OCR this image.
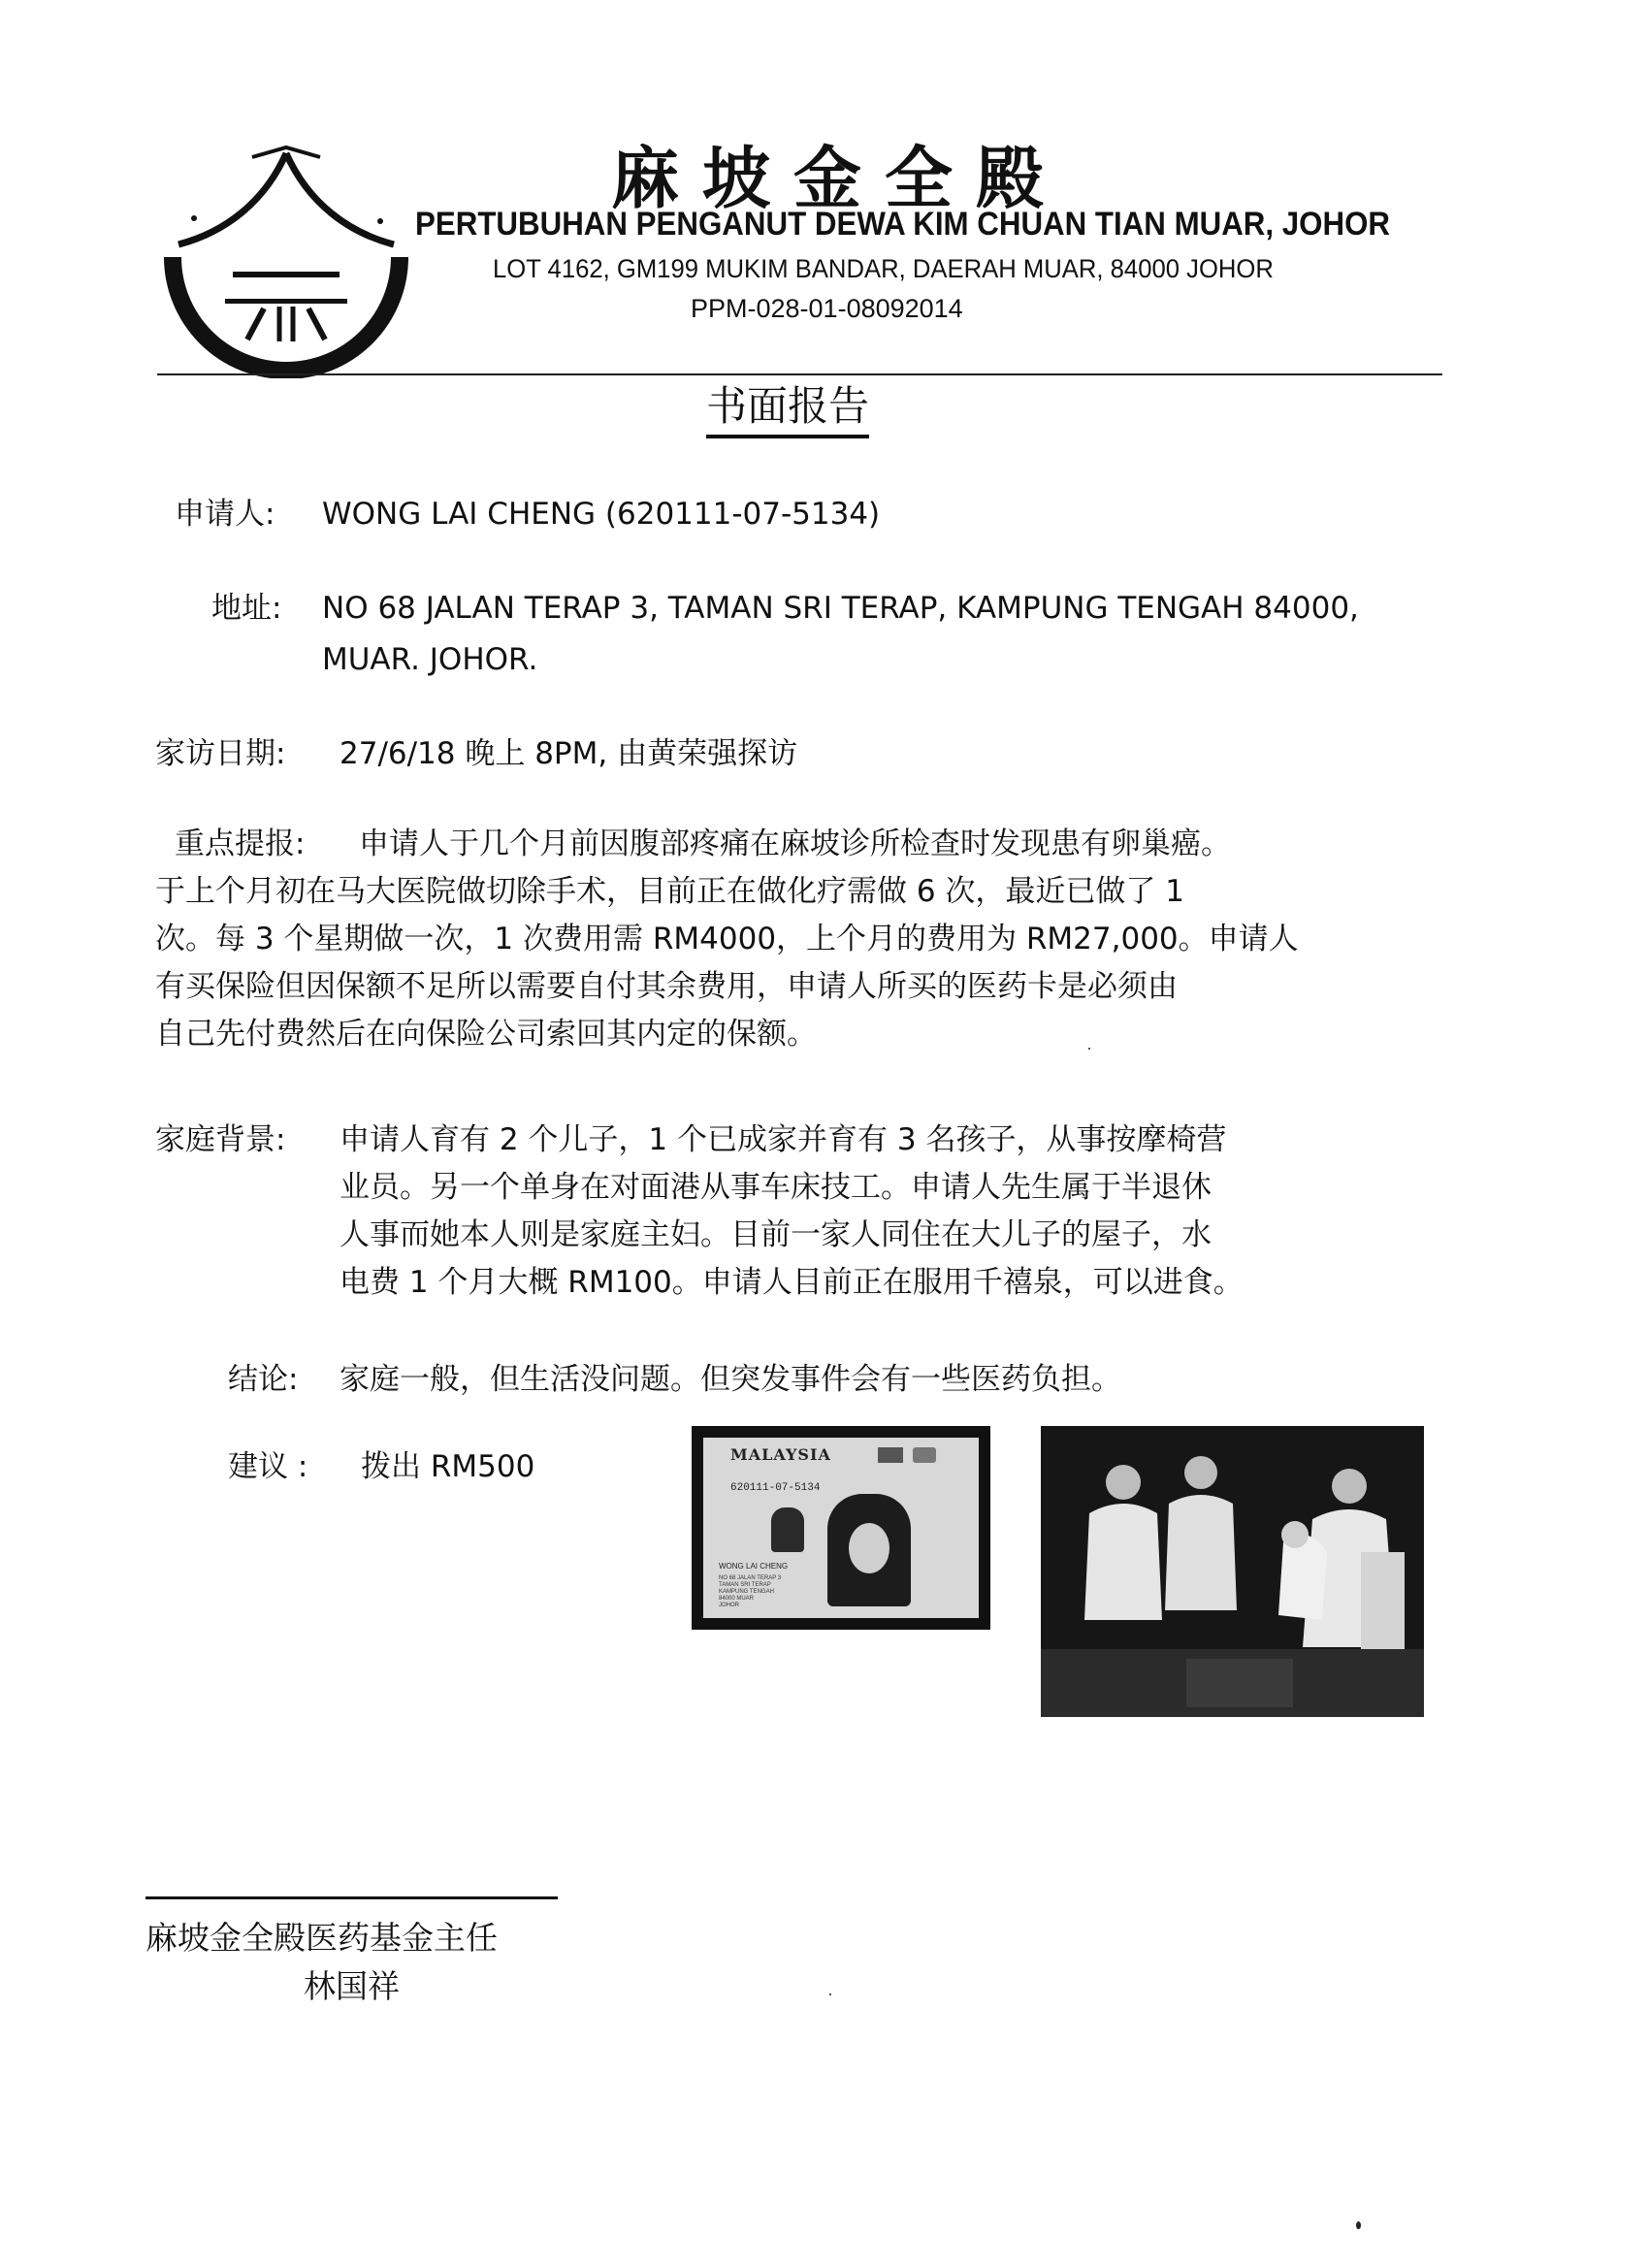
麻坡金全殿
PERTUBUHAN PENGANUT DEWA KIM CHUAN TIAN MUAR, JOHOR
LOT 4162, GM199 MUKIM BANDAR, DAERAH MUAR, 84000 JOHOR
PPM-028-01-08092014
书面报告
申请人: WONG LAI CHENG (620111-07-5134)
地址: NO 68 JALAN TERAP 3, TAMAN SRI TERAP, KAMPUNG TENGAH 84000,
MUAR. JOHOR.
家访日期: 27/6/18 晚上 8PM, 由黄荣强探访
重点提报: 申请人于几个月前因腹部疼痛在麻坡诊所检查时发现患有卵巢癌。
于上个月初在马大医院做切除手术，目前正在做化疗需做 6 次，最近已做了 1
次。每 3 个星期做一次，1 次费用需 RM4000，上个月的费用为 RM27,000。申请人
有买保险但因保额不足所以需要自付其余费用，申请人所买的医药卡是必须由
自己先付费然后在向保险公司索回其内定的保额。
家庭背景: 申请人育有 2 个儿子，1 个已成家并育有 3 名孩子，从事按摩椅营
业员。另一个单身在对面港从事车床技工。申请人先生属于半退休
人事而她本人则是家庭主妇。目前一家人同住在大儿子的屋子，水
电费 1 个月大概 RM100。申请人目前正在服用千禧泉，可以进食。
结论: 家庭一般，但生活没问题。但突发事件会有一些医药负担。
建议 : 拨出 RM500	MALAYSIA
620111-07-5134
WONG LAI CHENG
NO 68 JALAN TERAP 3
TAMAN SRI TERAP
KAMPUNG TENGAH
84000 MUAR
JOHOR
麻坡金全殿医药基金主任
林国祥
